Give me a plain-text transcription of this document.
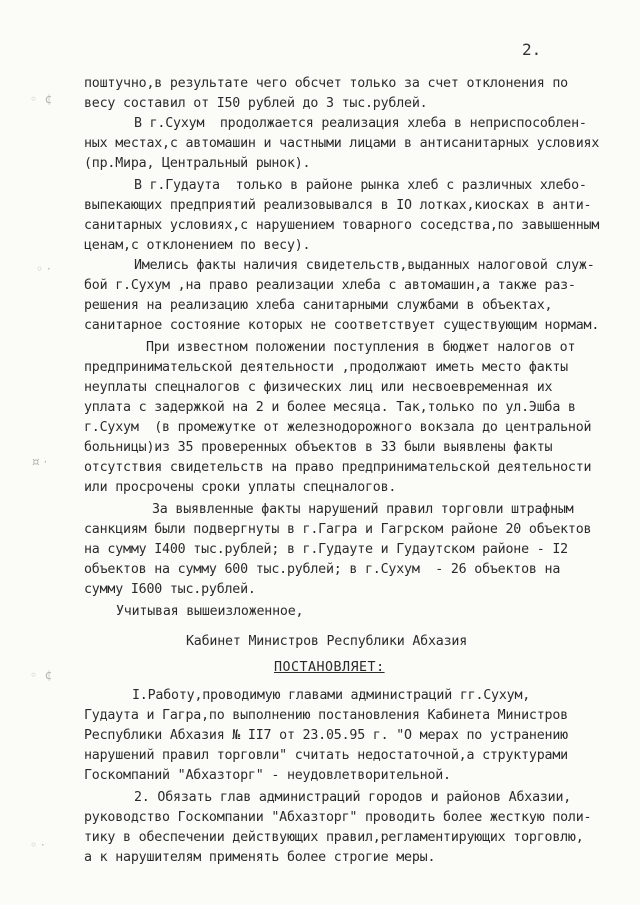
2.
◦  ¢
◦ ·
¤ ·
◦  ¢
◦ ·
поштучно,в результате чего обсчет только за счет отклонения по
весу составил от I50 рублей до 3 тыс.рублей.
В г.Сухум  продолжается реализация хлеба в неприспособлен-
ных местах,с автомашин и частными лицами в антисанитарных условиях
(пр.Мира, Центральный рынок).
В г.Гудаута  только в районе рынка хлеб с различных хлебо-
выпекающих предприятий реализовывался в IO лотках,киосках в анти-
санитарных условиях,с нарушением товарного соседства,по завышенным
ценам,с отклонением по весу).
Имелись факты наличия свидетельств,выданных налоговой служ-
бой г.Сухум ,на право реализации хлеба с автомашин,а также раз-
решения на реализацию хлеба санитарными службами в объектах,
санитарное состояние которых не соответствует существующим нормам.
При известном положении поступления в бюджет налогов от
предпринимательской деятельности ,продолжают иметь место факты
неуплаты спецналогов с физических лиц или несвоевременная их
уплата с задержкой на 2 и более месяца. Так,только по ул.Эшба в
г.Сухум  (в промежутке от железнодорожного вокзала до центральной
больницы)из 35 проверенных объектов в 33 были выявлены факты
отсутствия свидетельств на право предпринимательской деятельности
или просрочены сроки уплаты спецналогов.
За выявленные факты нарушений правил торговли штрафным
санкциям были подвергнуты в г.Гагра и Гагрском районе 20 объектов
на сумму I400 тыс.рублей; в г.Гудауте и Гудаутском районе - I2
объектов на сумму 600 тыс.рублей; в г.Сухум  - 26 объектов на
сумму I600 тыс.рублей.
Учитывая вышеизложенное,
Кабинет Министров Республики Абхазия
ПОСТАНОВЛЯЕТ:
I.Работу,проводимую главами администраций гг.Сухум,
Гудаута и Гагра,по выполнению постановления Кабинета Министров
Республики Абхазия № II7 от 23.05.95 г. "О мерах по устранению
нарушений правил торговли" считать недостаточной,а структурами
Госкомпаний "Абхазторг" - неудовлетворительной.
2. Обязать глав администраций городов и районов Абхазии,
руководство Госкомпании "Абхазторг" проводить более жесткую поли-
тику в обеспечении действующих правил,регламентирующих торговлю,
а к нарушителям применять более строгие меры.
